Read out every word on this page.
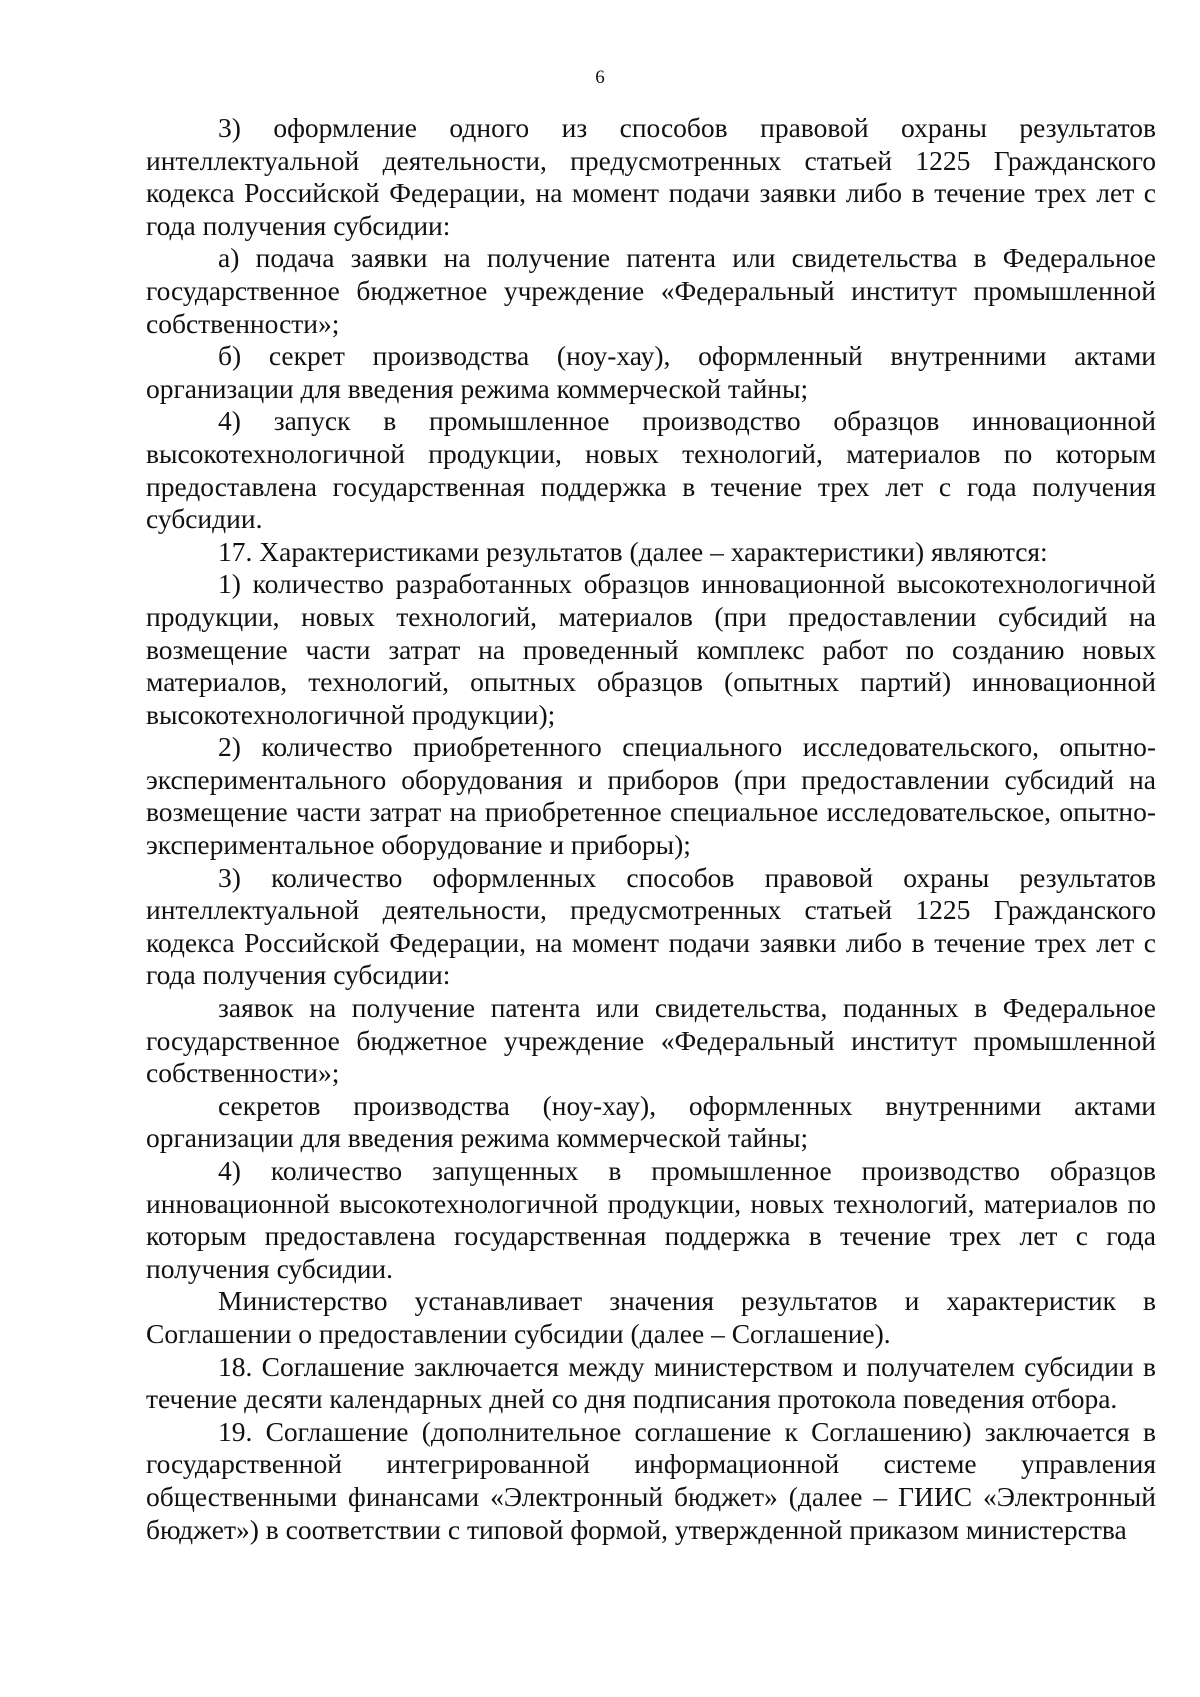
6

3) оформление одного из способов правовой охраны результатов интеллектуальной деятельности, предусмотренных статьей 1225 Гражданского кодекса Российской Федерации, на момент подачи заявки либо в течение трех лет с года получения субсидии:

а) подача заявки на получение патента или свидетельства в Федеральное государственное бюджетное учреждение «Федеральный институт промышленной собственности»;

б) секрет производства (ноу-хау), оформленный внутренними актами организации для введения режима коммерческой тайны;

4) запуск в промышленное производство образцов инновационной высокотехнологичной продукции, новых технологий, материалов по которым предоставлена государственная поддержка в течение трех лет с года получения субсидии.

17. Характеристиками результатов (далее – характеристики) являются:

1) количество разработанных образцов инновационной высокотехнологичной продукции, новых технологий, материалов (при предоставлении субсидий на возмещение части затрат на проведенный комплекс работ по созданию новых материалов, технологий, опытных образцов (опытных партий) инновационной высокотехнологичной продукции);

2) количество приобретенного специального исследовательского, опытно-экспериментального оборудования и приборов (при предоставлении субсидий на возмещение части затрат на приобретенное специальное исследовательское, опытно-экспериментальное оборудование и приборы);

3) количество оформленных способов правовой охраны результатов интеллектуальной деятельности, предусмотренных статьей 1225 Гражданского кодекса Российской Федерации, на момент подачи заявки либо в течение трех лет с года получения субсидии:

заявок на получение патента или свидетельства, поданных в Федеральное государственное бюджетное учреждение «Федеральный институт промышленной собственности»;

секретов производства (ноу-хау), оформленных внутренними актами организации для введения режима коммерческой тайны;

4) количество запущенных в промышленное производство образцов инновационной высокотехнологичной продукции, новых технологий, материалов по которым предоставлена государственная поддержка в течение трех лет с года получения субсидии.

Министерство устанавливает значения результатов и характеристик в Соглашении о предоставлении субсидии (далее – Соглашение).

18. Соглашение заключается между министерством и получателем субсидии в течение десяти календарных дней со дня подписания протокола поведения отбора.

19. Соглашение (дополнительное соглашение к Соглашению) заключается в государственной интегрированной информационной системе управления общественными финансами «Электронный бюджет» (далее – ГИИС «Электронный бюджет») в соответствии с типовой формой, утвержденной приказом министерства
